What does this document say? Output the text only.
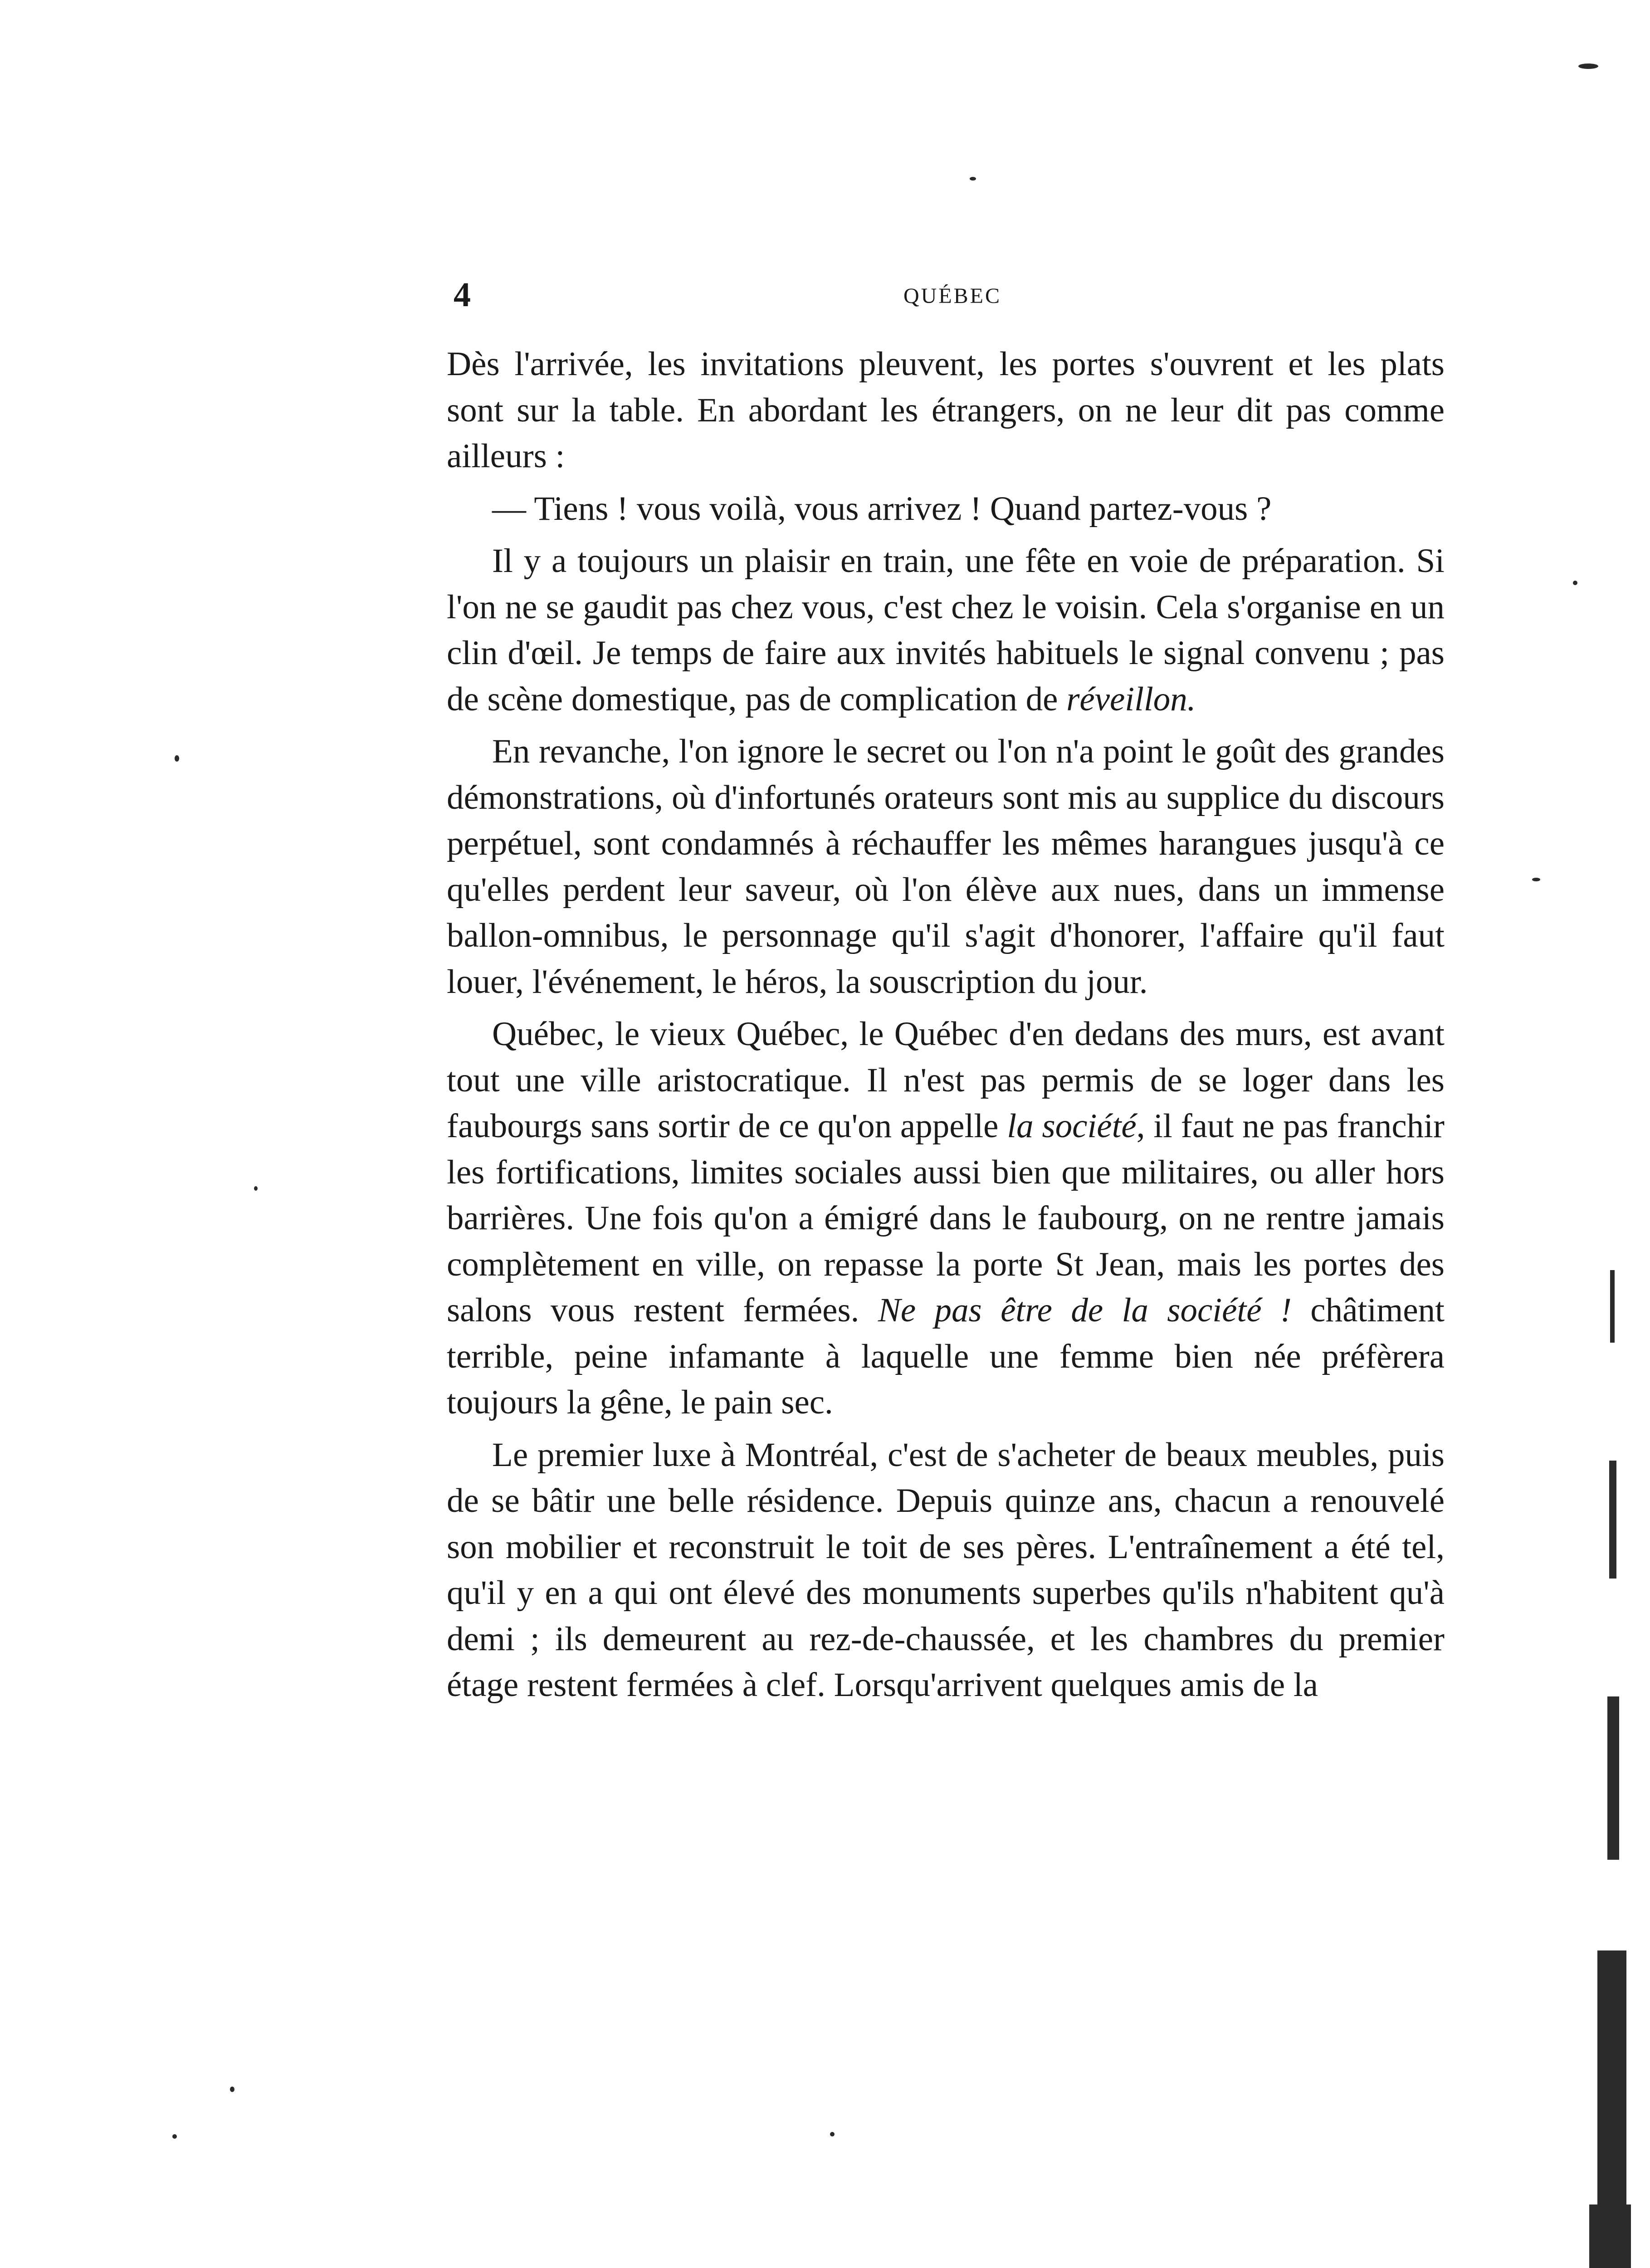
4	QUÉBEC

Dès l'arrivée, les invitations pleuvent, les portes s'ouvrent et les plats sont sur la table. En abordant les étrangers, on ne leur dit pas comme ailleurs :

— Tiens ! vous voilà, vous arrivez ! Quand partez-vous ?

Il y a toujours un plaisir en train, une fête en voie de préparation. Si l'on ne se gaudit pas chez vous, c'est chez le voisin. Cela s'organise en un clin d'œil. Je temps de faire aux invités habituels le signal convenu ; pas de scène domestique, pas de complication de réveillon.

En revanche, l'on ignore le secret ou l'on n'a point le goût des grandes démonstrations, où d'infortunés orateurs sont mis au supplice du discours perpétuel, sont condamnés à réchauffer les mêmes harangues jusqu'à ce qu'elles perdent leur saveur, où l'on élève aux nues, dans un immense ballon-omnibus, le personnage qu'il s'agit d'honorer, l'affaire qu'il faut louer, l'événement, le héros, la souscription du jour.

Québec, le vieux Québec, le Québec d'en dedans des murs, est avant tout une ville aristocratique. Il n'est pas permis de se loger dans les faubourgs sans sortir de ce qu'on appelle la société, il faut ne pas franchir les fortifications, limites sociales aussi bien que militaires, ou aller hors barrières. Une fois qu'on a émigré dans le faubourg, on ne rentre jamais complètement en ville, on repasse la porte St Jean, mais les portes des salons vous restent fermées. Ne pas être de la société ! châtiment terrible, peine infamante à laquelle une femme bien née préfèrera toujours la gêne, le pain sec.

Le premier luxe à Montréal, c'est de s'acheter de beaux meubles, puis de se bâtir une belle résidence. Depuis quinze ans, chacun a renouvelé son mobilier et reconstruit le toit de ses pères. L'entraînement a été tel, qu'il y en a qui ont élevé des monuments superbes qu'ils n'habitent qu'à demi ; ils demeurent au rez-de-chaussée, et les chambres du premier étage restent fermées à clef. Lorsqu'arrivent quelques amis de la
